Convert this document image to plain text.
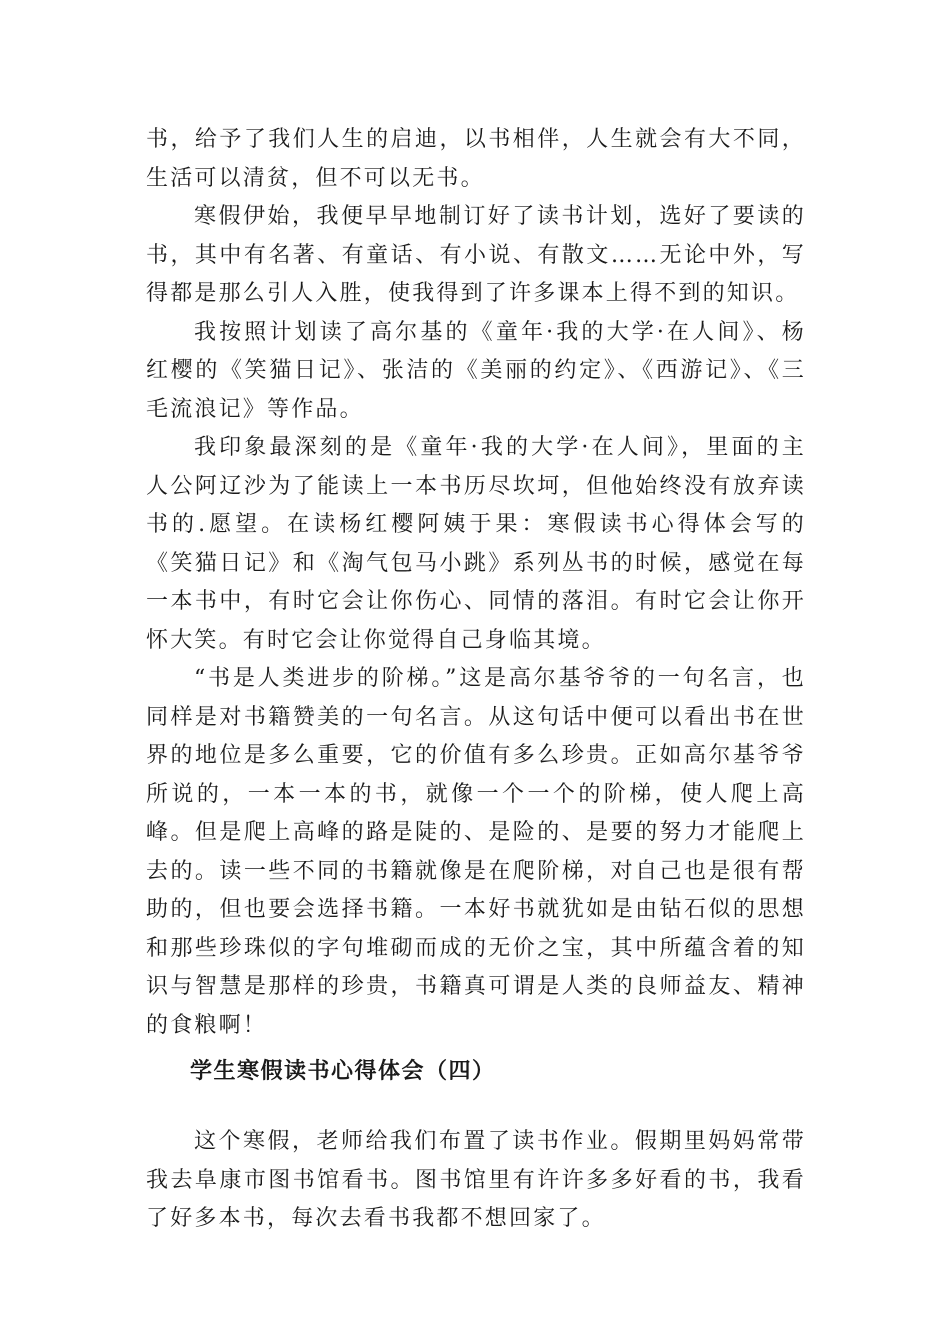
书，给予了我们人生的启迪，以书相伴，人生就会有大不同，生活可以清贫，但不可以无书。

寒假伊始，我便早早地制订好了读书计划，选好了要读的书，其中有名著、有童话、有小说、有散文……无论中外，写得都是那么引人入胜，使我得到了许多课本上得不到的知识。

我按照计划读了高尔基的《童年·我的大学·在人间》、杨红樱的《笑猫日记》、张洁的《美丽的约定》、《西游记》、《三毛流浪记》等作品。

我印象最深刻的是《童年·我的大学·在人间》，里面的主人公阿辽沙为了能读上一本书历尽坎坷，但他始终没有放弃读书的.愿望。在读杨红樱阿姨于果：寒假读书心得体会写的《笑猫日记》和《淘气包马小跳》系列丛书的时候，感觉在每一本书中，有时它会让你伤心、同情的落泪。有时它会让你开怀大笑。有时它会让你觉得自己身临其境。

“书是人类进步的阶梯。”这是高尔基爷爷的一句名言，也同样是对书籍赞美的一句名言。从这句话中便可以看出书在世界的地位是多么重要，它的价值有多么珍贵。正如高尔基爷爷所说的，一本一本的书，就像一个一个的阶梯，使人爬上高峰。但是爬上高峰的路是陡的、是险的、是要的努力才能爬上去的。读一些不同的书籍就像是在爬阶梯，对自己也是很有帮助的，但也要会选择书籍。一本好书就犹如是由钻石似的思想和那些珍珠似的字句堆砌而成的无价之宝，其中所蕴含着的知识与智慧是那样的珍贵，书籍真可谓是人类的良师益友、精神的食粮啊！

学生寒假读书心得体会（四）

这个寒假，老师给我们布置了读书作业。假期里妈妈常带我去阜康市图书馆看书。图书馆里有许许多多好看的书，我看了好多本书，每次去看书我都不想回家了。
